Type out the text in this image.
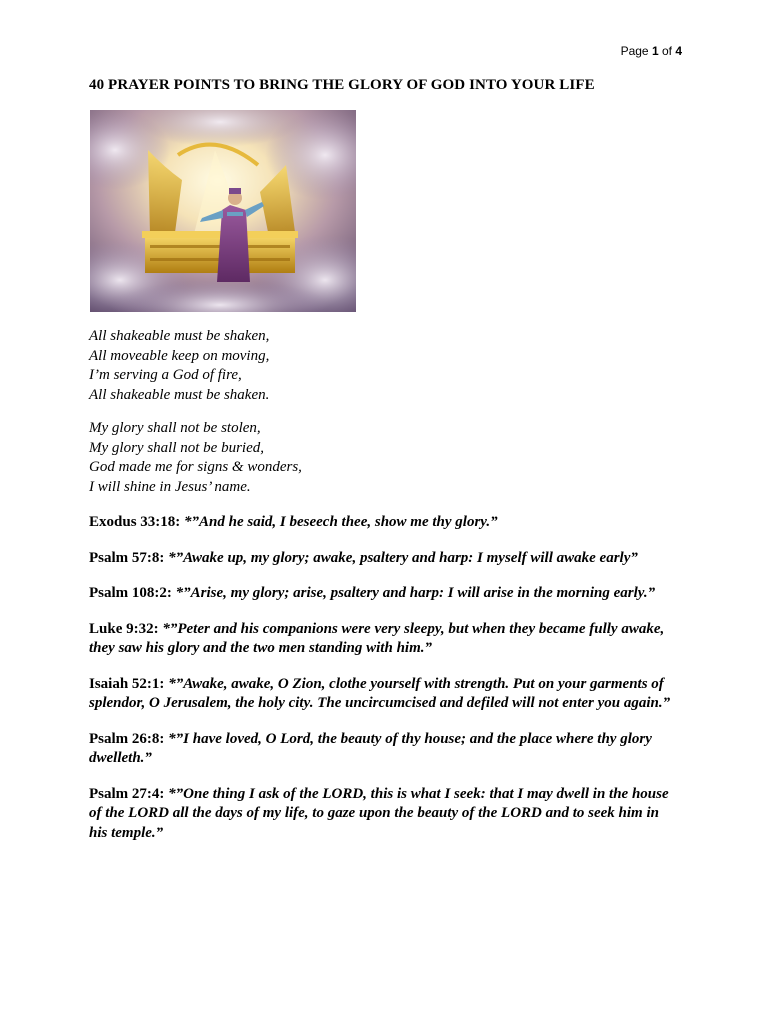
Page 1 of 4
40 PRAYER POINTS TO BRING THE GLORY OF GOD INTO YOUR LIFE
All shakeable must be shaken,
All moveable keep on moving,
I’m serving a God of fire,
All shakeable must be shaken.
My glory shall not be stolen,
My glory shall not be buried,
God made me for signs & wonders,
I will shine in Jesus’ name.

Exodus 33:18: *”And he said, I beseech thee, show me thy glory.”

Psalm 57:8: *”Awake up, my glory; awake, psaltery and harp: I myself will awake early”

Psalm 108:2: *”Arise, my glory; arise, psaltery and harp: I will arise in the morning early.”

Luke 9:32: *”Peter and his companions were very sleepy, but when they became fully awake, they saw his glory and the two men standing with him.”

Isaiah 52:1: *”Awake, awake, O Zion, clothe yourself with strength. Put on your garments of splendor, O Jerusalem, the holy city. The uncircumcised and defiled will not enter you again.”

Psalm 26:8: *”I have loved, O Lord, the beauty of thy house; and the place where thy glory dwelleth.”

Psalm 27:4: *”One thing I ask of the LORD, this is what I seek: that I may dwell in the house of the LORD all the days of my life, to gaze upon the beauty of the LORD and to seek him in his temple.”
